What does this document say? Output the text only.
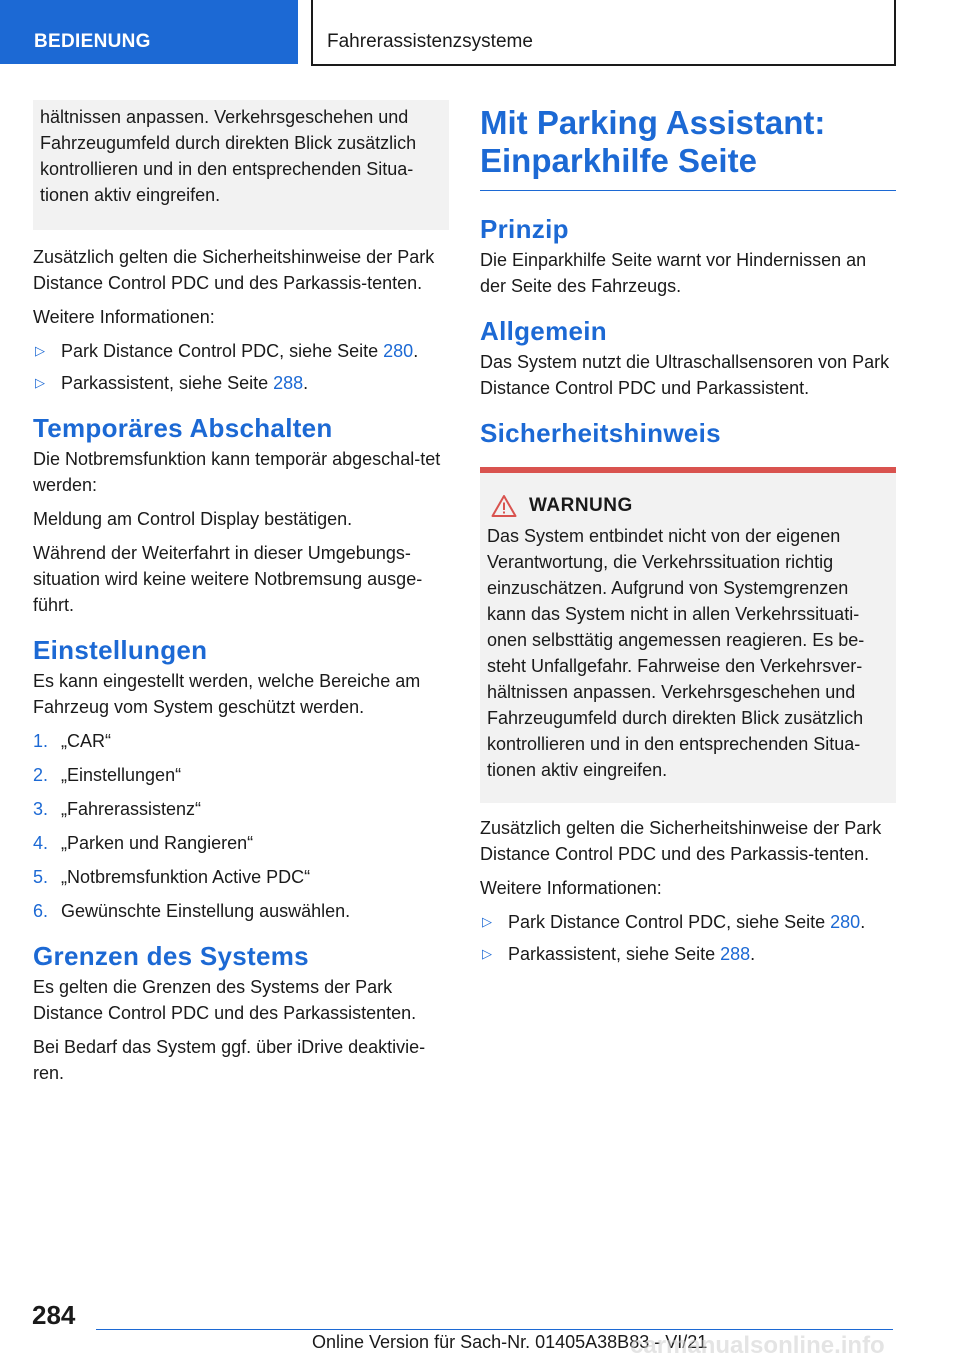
BEDIENUNG	Fahrerassistenzsysteme

hältnissen anpassen. Verkehrsgeschehen und Fahrzeugumfeld durch direkten Blick zusätzlich kontrollieren und in den entsprechenden Situa‐tionen aktiv eingreifen.

Zusätzlich gelten die Sicherheitshinweise der Park Distance Control PDC und des Parkassis‐tenten.

Weitere Informationen:

▷ Park Distance Control PDC, siehe Seite 280.
▷ Parkassistent, siehe Seite 288.
Temporäres Abschalten

Die Notbremsfunktion kann temporär abgeschal‐tet werden:

Meldung am Control Display bestätigen.

Während der Weiterfahrt in dieser Umgebungs‐situation wird keine weitere Notbremsung ausge‐führt.

Einstellungen

Es kann eingestellt werden, welche Bereiche am Fahrzeug vom System geschützt werden.

1. „CAR“
2. „Einstellungen“
3. „Fahrerassistenz“
4. „Parken und Rangieren“
5. „Notbremsfunktion Active PDC“
6. Gewünschte Einstellung auswählen.
Grenzen des Systems

Es gelten die Grenzen des Systems der Park Distance Control PDC und des Parkassistenten.

Bei Bedarf das System ggf. über iDrive deaktivie‐ren.

Mit Parking Assistant: Einparkhilfe Seite
Prinzip

Die Einparkhilfe Seite warnt vor Hindernissen an der Seite des Fahrzeugs.

Allgemein

Das System nutzt die Ultraschallsensoren von Park Distance Control PDC und Parkassistent.

Sicherheitshinweis
WARNUNG

Das System entbindet nicht von der eigenen Verantwortung, die Verkehrssituation richtig einzuschätzen. Aufgrund von Systemgrenzen kann das System nicht in allen Verkehrssituati‐onen selbsttätig angemessen reagieren. Es be‐steht Unfallgefahr. Fahrweise den Verkehrsver‐hältnissen anpassen. Verkehrsgeschehen und Fahrzeugumfeld durch direkten Blick zusätzlich kontrollieren und in den entsprechenden Situa‐tionen aktiv eingreifen.

Zusätzlich gelten die Sicherheitshinweise der Park Distance Control PDC und des Parkassis‐tenten.

Weitere Informationen:

▷ Park Distance Control PDC, siehe Seite 280.
▷ Parkassistent, siehe Seite 288.
284
Online Version für Sach-Nr. 01405A38B83 - VI/21
carmanualsonline.info
